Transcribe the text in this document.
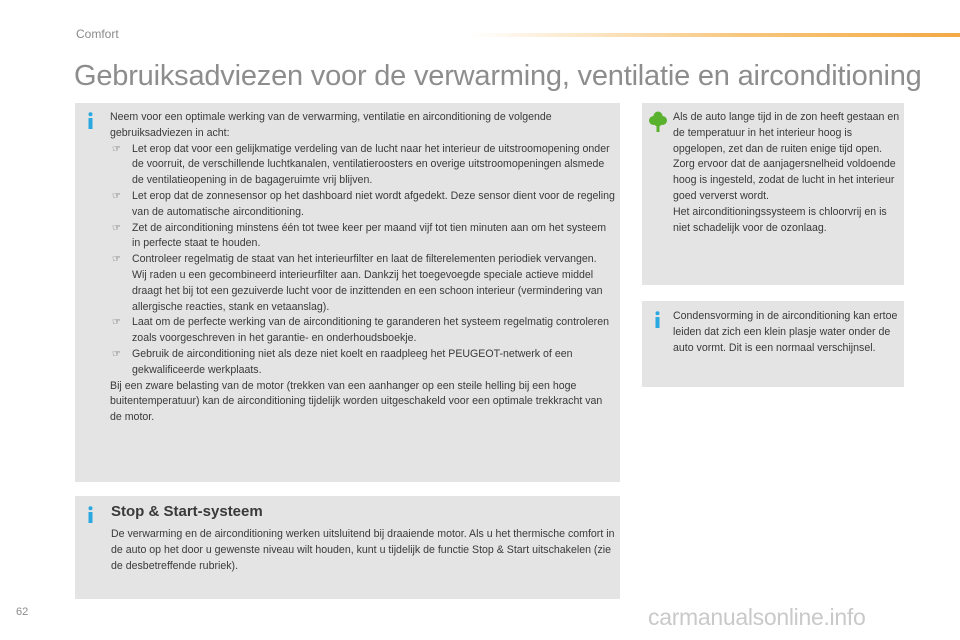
Comfort
Gebruiksadviezen voor de verwarming, ventilatie en airconditioning

Neem voor een optimale werking van de verwarming, ventilatie en airconditioning de volgende gebruiksadviezen in acht:

☞ Let erop dat voor een gelijkmatige verdeling van de lucht naar het interieur de uitstroomopening onder de voorruit, de verschillende luchtkanalen, ventilatieroosters en overige uitstroomopeningen alsmede de ventilatieopening in de bagageruimte vrij blijven.
☞ Let erop dat de zonnesensor op het dashboard niet wordt afgedekt. Deze sensor dient voor de regeling van de automatische airconditioning.
☞ Zet de airconditioning minstens één tot twee keer per maand vijf tot tien minuten aan om het systeem in perfecte staat te houden.
☞ Controleer regelmatig de staat van het interieurfilter en laat de filterelementen periodiek vervangen.
Wij raden u een gecombineerd interieurfilter aan. Dankzij het toegevoegde speciale actieve middel draagt het bij tot een gezuiverde lucht voor de inzittenden en een schoon interieur (vermindering van allergische reacties, stank en vetaanslag).
☞ Laat om de perfecte werking van de airconditioning te garanderen het systeem regelmatig controleren zoals voorgeschreven in het garantie- en onderhoudsboekje.
☞ Gebruik de airconditioning niet als deze niet koelt en raadpleeg het PEUGEOT-netwerk of een gekwalificeerde werkplaats.

Bij een zware belasting van de motor (trekken van een aanhanger op een steile helling bij een hoge buitentemperatuur) kan de airconditioning tijdelijk worden uitgeschakeld voor een optimale trekkracht van de motor.

Stop & Start-systeem
De verwarming en de airconditioning werken uitsluitend bij draaiende motor. Als u het thermische comfort in de auto op het door u gewenste niveau wilt houden, kunt u tijdelijk de functie Stop & Start uitschakelen (zie de desbetreffende rubriek).

Als de auto lange tijd in de zon heeft gestaan en de temperatuur in het interieur hoog is opgelopen, zet dan de ruiten enige tijd open.

Zorg ervoor dat de aanjagersnelheid voldoende hoog is ingesteld, zodat de lucht in het interieur goed ververst wordt.

Het airconditioningssysteem is chloorvrij en is niet schadelijk voor de ozonlaag.

Condensvorming in de airconditioning kan ertoe leiden dat zich een klein plasje water onder de auto vormt. Dit is een normaal verschijnsel.
62	carmanualsonline.info
